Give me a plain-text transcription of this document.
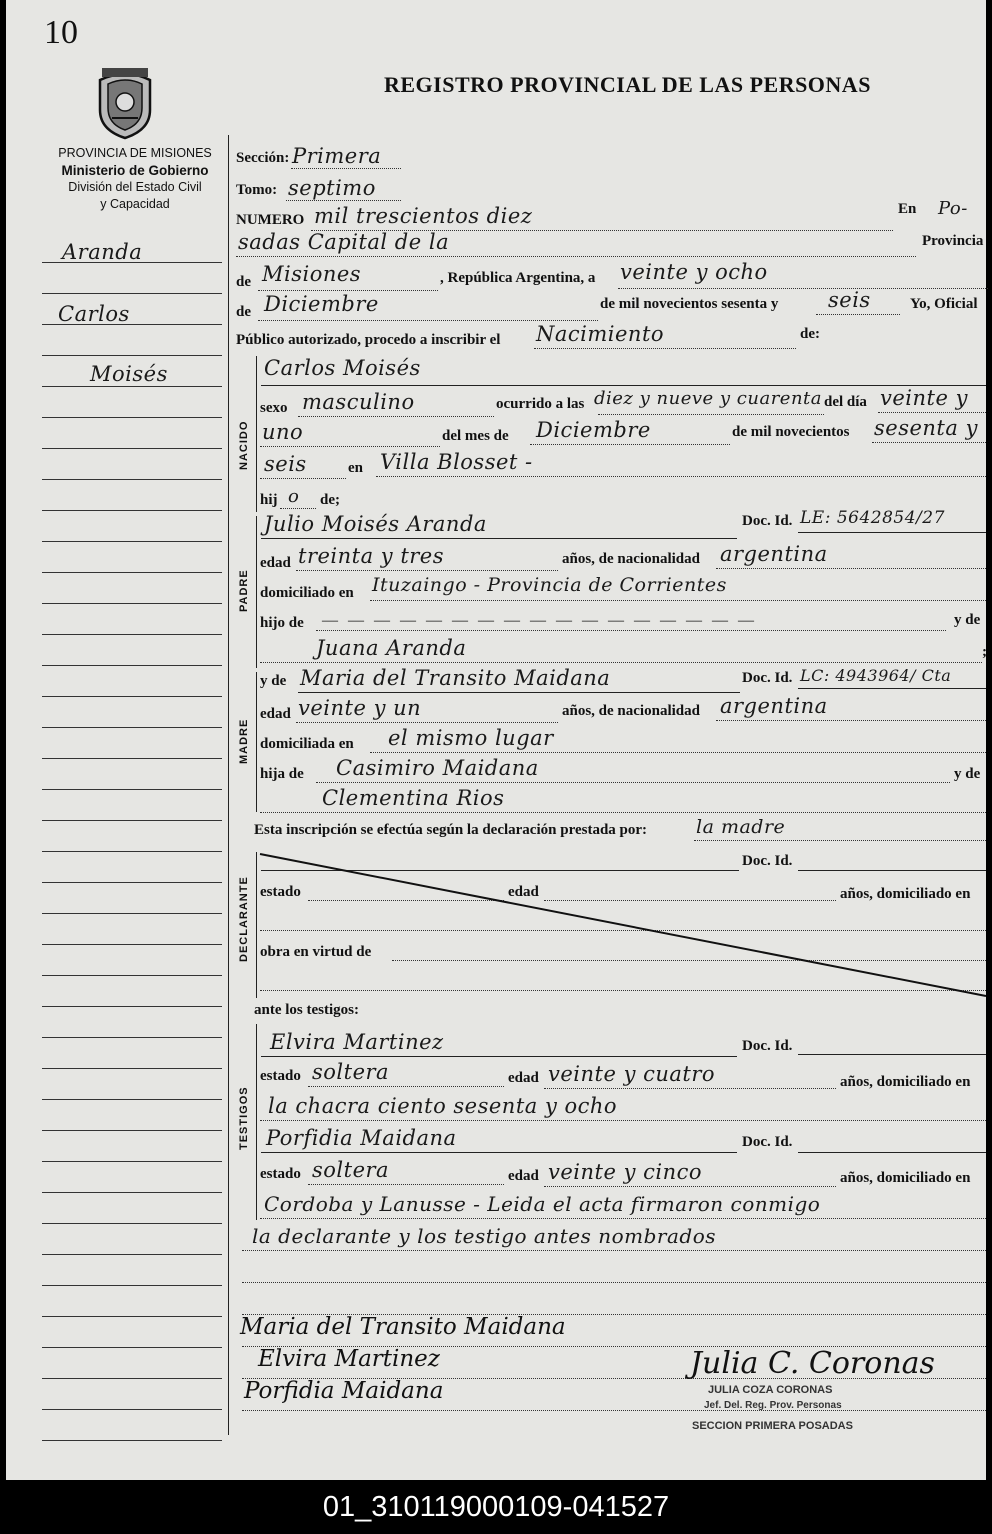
10
REGISTRO PROVINCIAL DE LAS PERSONAS
PROVINCIA DE MISIONES
Ministerio de Gobierno
División del Estado Civil
y Capacidad
Aranda
Carlos
Moisés
Sección: Primera
Tomo: septimo
NUMERO mil trescientos diez	En Po-
sadas Capital de la	Provincia
de Misiones	, República Argentina, a veinte y ocho
de Diciembre	de mil novecientos sesenta y seis	Yo, Oficial
Público autorizado, procedo a inscribir el Nacimiento	de:
NACIDO
Carlos Moisés
sexo masculino	ocurrido a las diez y nueve y cuarenta del día veinte y
uno	del mes de Diciembre	de mil novecientos sesenta y
seis	en Villa Blosset -
hij o de;
PADRE
Julio Moisés Aranda	Doc. Id. LE: 5642854/27
edad treinta y tres	años, de nacionalidad argentina
domiciliado en Ituzaingo - Provincia de Corrientes
hijo de — — — — — — — — — — — — — — — — —	y de
Juana Aranda	;
MADRE
y de Maria del Transito Maidana	Doc. Id. LC: 4943964/ Cta
edad veinte y un	años, de nacionalidad argentina
domiciliada en el mismo lugar
hija de Casimiro Maidana	y de
Clementina Rios
Esta inscripción se efectúa según la declaración prestada por:	la madre
DECLARANTE
Doc. Id.
estado	edad	años, domiciliado en
obra en virtud de
ante los testigos:
TESTIGOS
Elvira Martinez	Doc. Id.
estado soltera	edad veinte y cuatro	años, domiciliado en
la chacra ciento sesenta y ocho
Porfidia Maidana	Doc. Id.
estado soltera	edad veinte y cinco	años, domiciliado en
Cordoba y Lanusse - Leida el acta firmaron conmigo
la declarante y los testigo antes nombrados
Maria del Transito Maidana
Elvira Martinez
Porfidia Maidana
Julia C. Coronas
JULIA COZA CORONAS
Jef. Del. Reg. Prov. Personas
SECCION PRIMERA POSADAS
01_310119000109-041527
